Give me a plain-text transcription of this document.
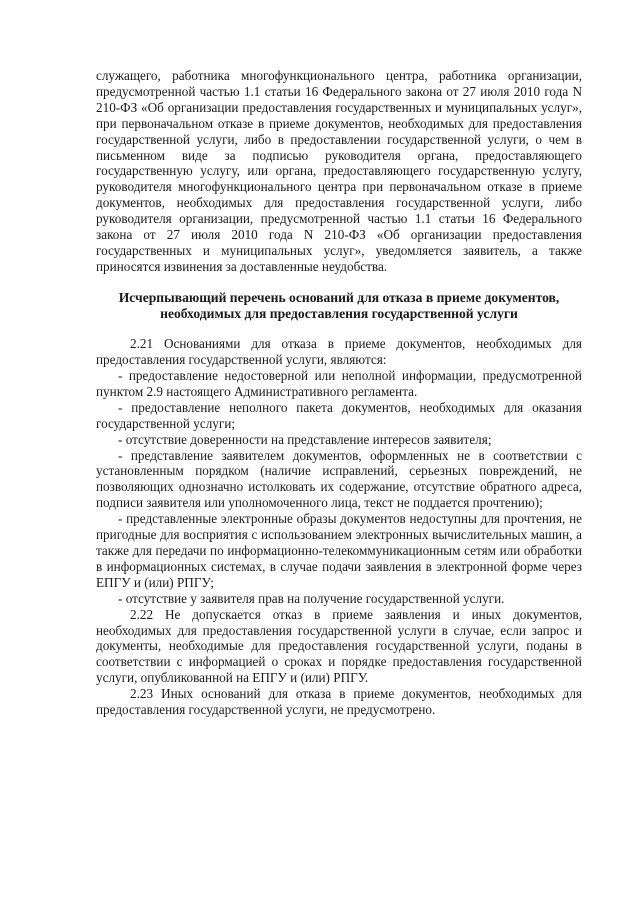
служащего, работника многофункционального центра, работника организации, предусмотренной частью 1.1 статьи 16 Федерального закона от 27 июля 2010 года N 210-ФЗ «Об организации предоставления государственных и муниципальных услуг», при первоначальном отказе в приеме документов, необходимых для предоставления государственной услуги, либо в предоставлении государственной услуги, о чем в письменном виде за подписью руководителя органа, предоставляющего государственную услугу, или органа, предоставляющего государственную услугу, руководителя многофункционального центра при первоначальном отказе в приеме документов, необходимых для предоставления государственной услуги, либо руководителя организации, предусмотренной частью 1.1 статьи 16 Федерального закона от 27 июля 2010 года N 210-ФЗ «Об организации предоставления государственных и муниципальных услуг», уведомляется заявитель, а также приносятся извинения за доставленные неудобства.

Исчерпывающий перечень оснований для отказа в приеме документов,
необходимых для предоставления государственной услуги

2.21 Основаниями для отказа в приеме документов, необходимых для предоставления государственной услуги, являются:

- предоставление недостоверной или неполной информации, предусмотренной пунктом 2.9 настоящего Административного регламента.

- предоставление неполного пакета документов, необходимых для оказания государственной услуги;

- отсутствие доверенности на представление интересов заявителя;

- представление заявителем документов, оформленных не в соответствии с установленным порядком (наличие исправлений, серьезных повреждений, не позволяющих однозначно истолковать их содержание, отсутствие обратного адреса, подписи заявителя или уполномоченного лица, текст не поддается прочтению);

- представленные электронные образы документов недоступны для прочтения, не пригодные для восприятия с использованием электронных вычислительных машин, а также для передачи по информационно-телекоммуникационным сетям или обработки в информационных системах, в случае подачи заявления в электронной форме через ЕПГУ и (или) РПГУ;

- отсутствие у заявителя прав на получение государственной услуги.

2.22 Не допускается отказ в приеме заявления и иных документов, необходимых для предоставления государственной услуги в случае, если запрос и документы, необходимые для предоставления государственной услуги, поданы в соответствии с информацией о сроках и порядке предоставления государственной услуги, опубликованной на ЕПГУ и (или) РПГУ.

2.23 Иных оснований для отказа в приеме документов, необходимых для предоставления государственной услуги, не предусмотрено.
